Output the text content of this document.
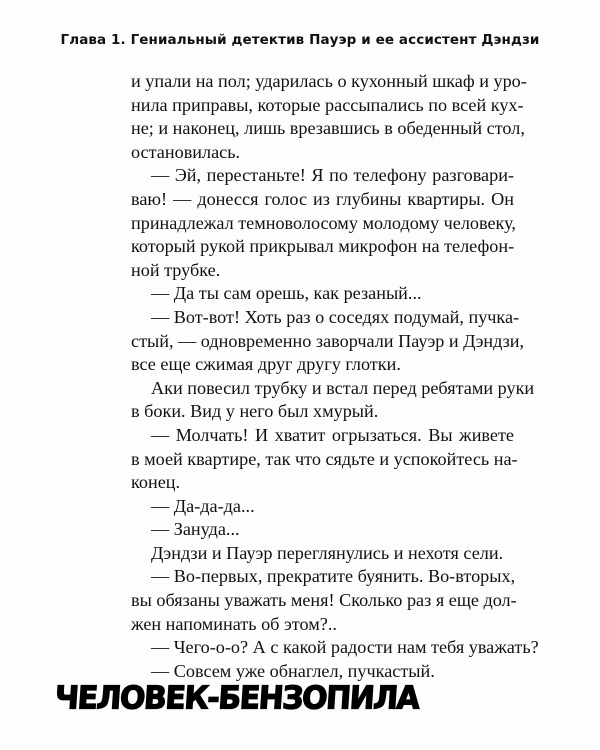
Глава 1. Гениальный детектив Пауэр и ее ассистент Дэндзи
и упали на пол; ударилась о кухонный шкаф и уро-
нила приправы, которые рассыпались по всей кух-
не; и наконец, лишь врезавшись в обеденный стол,
остановилась.
— Эй, перестаньте! Я по телефону разговари-
ваю! — донесся голос из глубины квартиры. Он
принадлежал темноволосому молодому человеку,
который рукой прикрывал микрофон на телефон-
ной трубке.
— Да ты сам орешь, как резаный...
— Вот-вот! Хоть раз о соседях подумай, пучка-
стый, — одновременно заворчали Пауэр и Дэндзи,
все еще сжимая друг другу глотки.
Аки повесил трубку и встал перед ребятами руки
в боки. Вид у него был хмурый.
— Молчать! И хватит огрызаться. Вы живете
в моей квартире, так что сядьте и успокойтесь на-
конец.
— Да-да-да...
— Зануда...
Дэндзи и Пауэр переглянулись и нехотя сели.
— Во-первых, прекратите буянить. Во-вторых,
вы обязаны уважать меня! Сколько раз я еще дол-
жен напоминать об этом?..
— Чего-о-о? А с какой радости нам тебя уважать?
— Совсем уже обнаглел, пучкастый.
ЧЕЛОВЕК-БЕНЗОПИЛА
